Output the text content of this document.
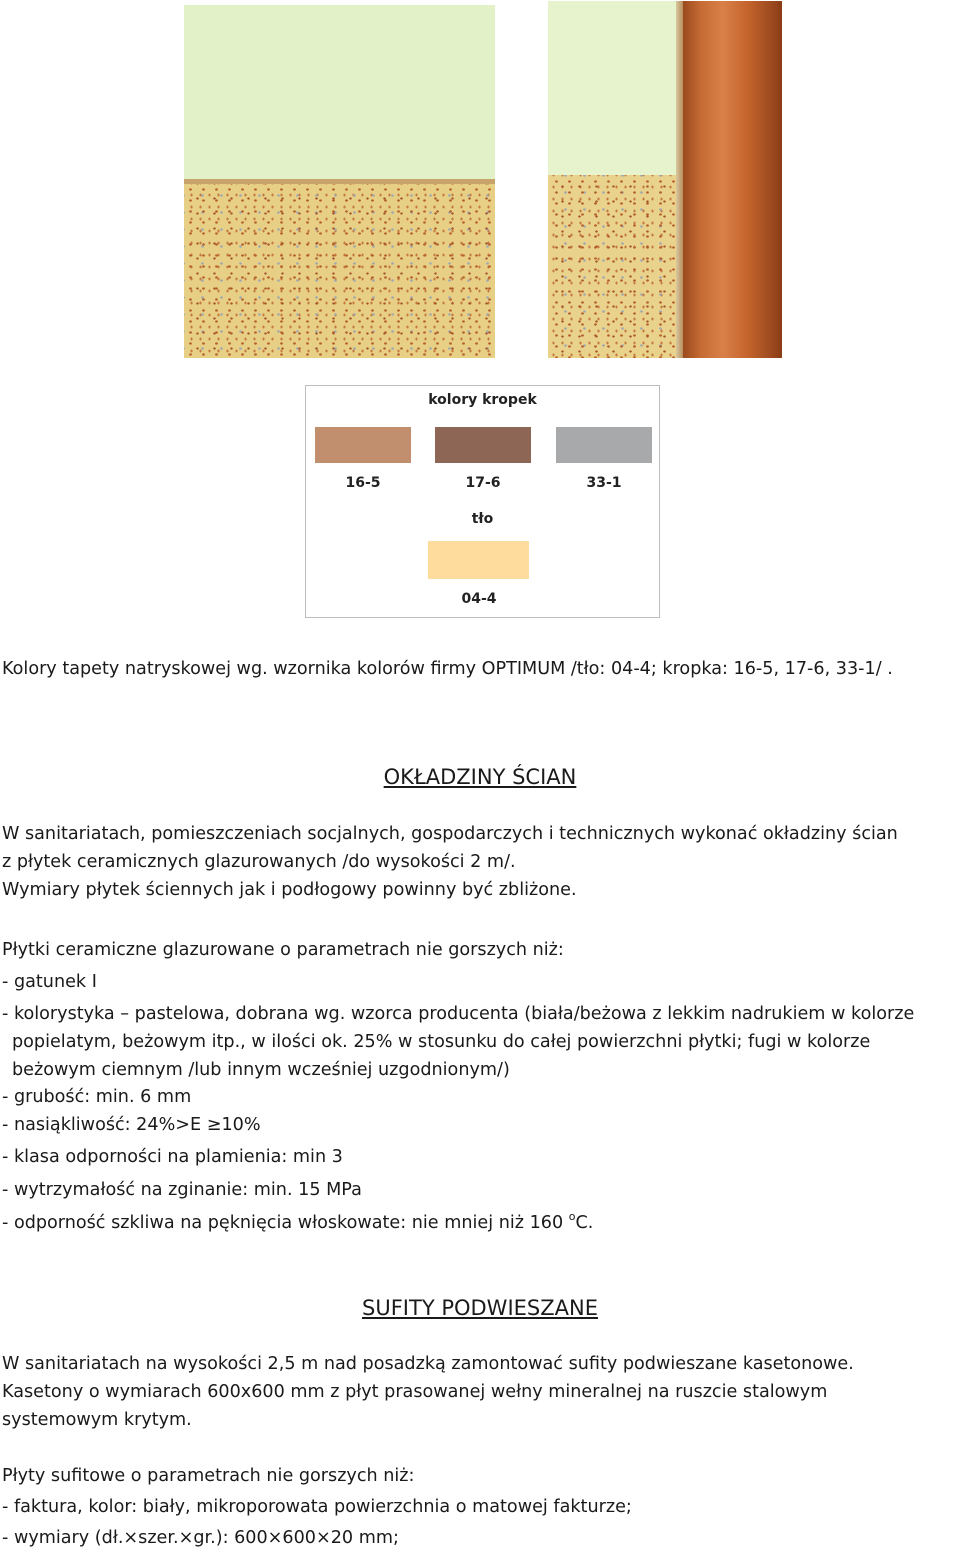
kolory kropek
16-5	17-6	33-1
tło
04-4
Kolory tapety natryskowej wg. wzornika kolorów firmy OPTIMUM /tło: 04-4; kropka: 16-5, 17-6, 33-1/ .
OKŁADZINY ŚCIAN
W sanitariatach, pomieszczeniach socjalnych, gospodarczych i technicznych wykonać okładziny ścian
z płytek ceramicznych glazurowanych /do wysokości 2 m/.
Wymiary płytek ściennych jak i podłogowy powinny być zbliżone.
Płytki ceramiczne glazurowane o parametrach nie gorszych niż:
- gatunek I
- kolorystyka – pastelowa, dobrana wg. wzorca producenta (biała/beżowa z lekkim nadrukiem w kolorze
popielatym, beżowym itp., w ilości ok. 25% w stosunku do całej powierzchni płytki; fugi w kolorze
beżowym ciemnym /lub innym wcześniej uzgodnionym/)
- grubość: min. 6 mm
- nasiąkliwość: 24%>E ≥10%
- klasa odporności na plamienia: min 3
- wytrzymałość na zginanie: min. 15 MPa
- odporność szkliwa na pęknięcia włoskowate: nie mniej niż 160 $^o$C.
SUFITY PODWIESZANE
W sanitariatach na wysokości 2,5 m nad posadzką zamontować sufity podwieszane kasetonowe.
Kasetony o wymiarach 600x600 mm z płyt prasowanej wełny mineralnej na ruszcie stalowym
systemowym krytym.
Płyty sufitowe o parametrach nie gorszych niż:
- faktura, kolor: biały, mikroporowata powierzchnia o matowej fakturze;
- wymiary (dł.×szer.×gr.): 600×600×20 mm;
